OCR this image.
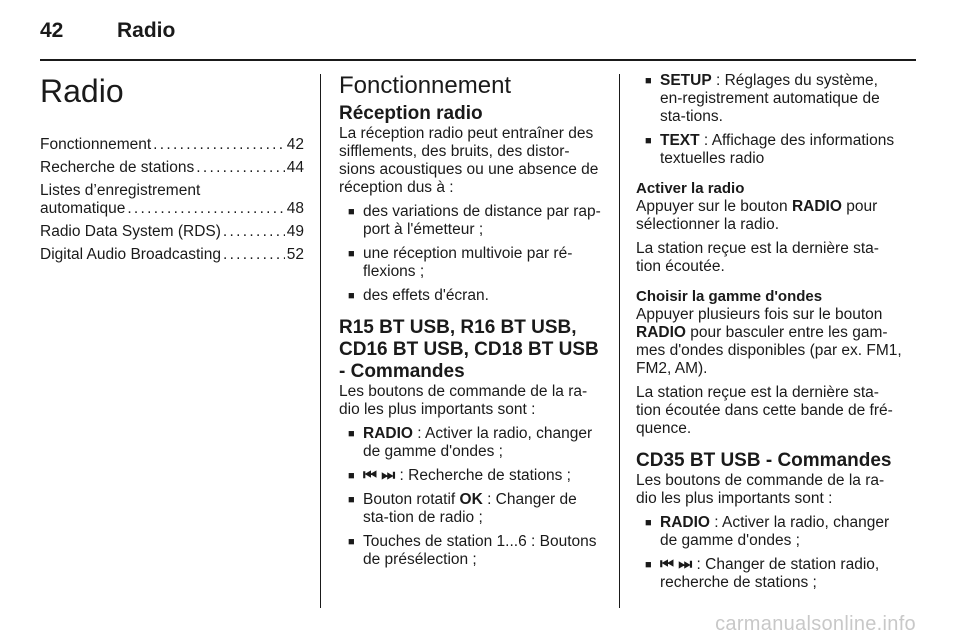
42	Radio
Radio
Fonctionnement . . .	42
Recherche de stations . . .	44
Listes d’enregistrement
automatique . . .	48
Radio Data System (RDS) . . .	49
Digital Audio Broadcasting . . .	52
Fonctionnement
Réception radio

La réception radio peut entraîner des sifflements, des bruits, des distor-sions acoustiques ou une absence de réception dus à :

■ des variations de distance par rap-port à l'émetteur ;
■ une réception multivoie par ré-flexions ;
■ des effets d'écran.
R15 BT USB, R16 BT USB, CD16 BT USB, CD18 BT USB - Commandes

Les boutons de commande de la ra-dio les plus importants sont :

■ RADIO : Activer la radio, changer de gamme d'ondes ;
■ ⏮ ⏭ : Recherche de stations ;
■ Bouton rotatif OK : Changer de sta-tion de radio ;
■ Touches de station 1...6 : Boutons de présélection ;
■ SETUP : Réglages du système, en-registrement automatique de sta-tions.
■ TEXT : Affichage des informations textuelles radio
Activer la radio

Appuyer sur le bouton RADIO pour sélectionner la radio.

La station reçue est la dernière sta-tion écoutée.

Choisir la gamme d'ondes

Appuyer plusieurs fois sur le bouton RADIO pour basculer entre les gam-mes d'ondes disponibles (par ex. FM1, FM2, AM).

La station reçue est la dernière sta-tion écoutée dans cette bande de fré-quence.

CD35 BT USB - Commandes

Les boutons de commande de la ra-dio les plus importants sont :

■ RADIO : Activer la radio, changer de gamme d'ondes ;
■ ⏮ ⏭ : Changer de station radio, recherche de stations ;
carmanualsonline.info
